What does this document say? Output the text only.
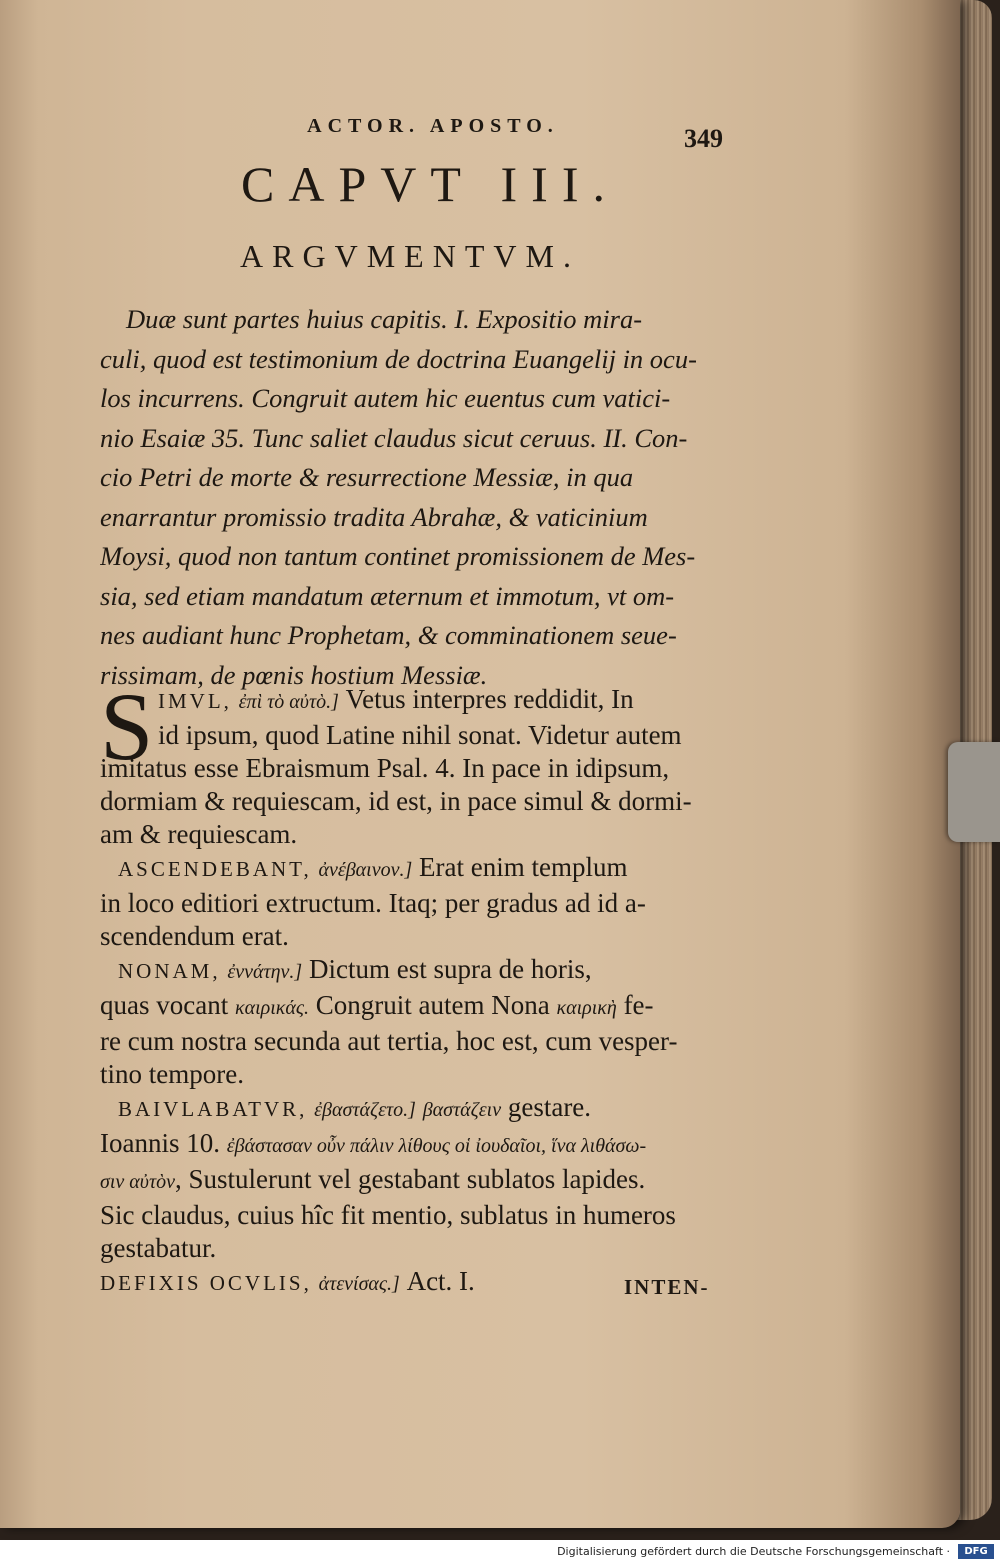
ACTOR. APOSTO.	349
CAPVT III.
ARGVMENTVM.
Duæ sunt partes huius capitis. I. Expositio mira-
culi, quod est testimonium de doctrina Euangelij in ocu-
los incurrens. Congruit autem hic euentus cum vatici-
nio Esaiæ 35. Tunc saliet claudus sicut ceruus. II. Con-
cio Petri de morte & resurrectione Messiæ, in qua
enarrantur promissio tradita Abrahæ, & vaticinium
Moysi, quod non tantum continet promissionem de Mes-
sia, sed etiam mandatum æternum et immotum, vt om-
nes audiant hunc Prophetam, & comminationem seue-
rissimam, de pœnis hostium Messiæ.
S IMVL, ἐπὶ τὸ αὐτὸ.] Vetus interpres reddidit, In
id ipsum, quod Latine nihil sonat. Videtur autem
imitatus esse Ebraismum Psal. 4. In pace in idipsum,
dormiam & requiescam, id est, in pace simul & dormi-
am & requiescam.
ASCENDEBANT, ἀνέβαινον.] Erat enim templum
in loco editiori extructum. Itaq; per gradus ad id a-
scendendum erat.
NONAM, ἐννάτην.] Dictum est supra de horis,
quas vocant καιρικάς. Congruit autem Nona καιρικὴ fe-
re cum nostra secunda aut tertia, hoc est, cum vesper-
tino tempore.
BAIVLABATVR, ἐβαστάζετο.] βαστάζειν gestare.
Ioannis 10. ἐβάστασαν οὖν πάλιν λίθους οἱ ἰουδαῖοι, ἵνα λιθάσω-
σιν αὐτὸν, Sustulerunt vel gestabant sublatos lapides.
Sic claudus, cuius hîc fit mentio, sublatus in humeros
gestabatur.
DEFIXIS OCVLIS, ἀτενίσας.] Act. I.	INTEN-
Digitalisierung gefördert durch die Deutsche Forschungsgemeinschaft ·	DFG
